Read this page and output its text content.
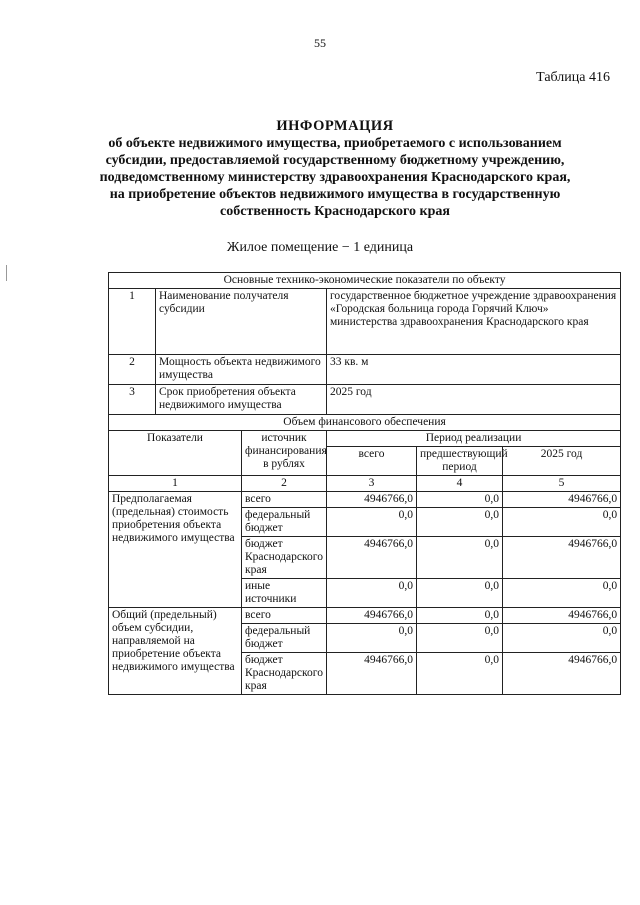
55
Таблица 416
ИНФОРМАЦИЯ
об объекте недвижимого имущества, приобретаемого с использованием
субсидии, предоставляемой государственному бюджетному учреждению,
подведомственному министерству здравоохранения Краснодарского края,
на приобретение объектов недвижимого имущества в государственную
собственность Краснодарского края
Жилое помещение − 1 единица
Основные технико-экономические показатели по объекту					
1	Наименование получателя субсидии		государственное бюджетное учреждение здравоохранения «Городская больница города Горячий Ключ» министерства здравоохранения Краснодарского края		
2	Мощность объекта недвижимого имущества		33 кв. м		
3	Срок приобретения объекта недвижимого имущества		2025 год		
Объем финансового обеспечения					
Показатели		источник финансирования в рублях	Период реализации		
			всего	предшествующий период	2025 год
1		2	3	4	5
Предполагаемая (предельная) стоимость приобретения объекта недвижимого имущества		всего	4946766,0	0,0	4946766,0
		федеральный бюджет	0,0	0,0	0,0
		бюджет Краснодарского края	4946766,0	0,0	4946766,0
		иные источники	0,0	0,0	0,0
Общий (предельный) объем субсидии, направляемой на приобретение объекта недвижимого имущества		всего	4946766,0	0,0	4946766,0
		федеральный бюджет	0,0	0,0	0,0
		бюджет Краснодарского края	4946766,0	0,0	4946766,0
